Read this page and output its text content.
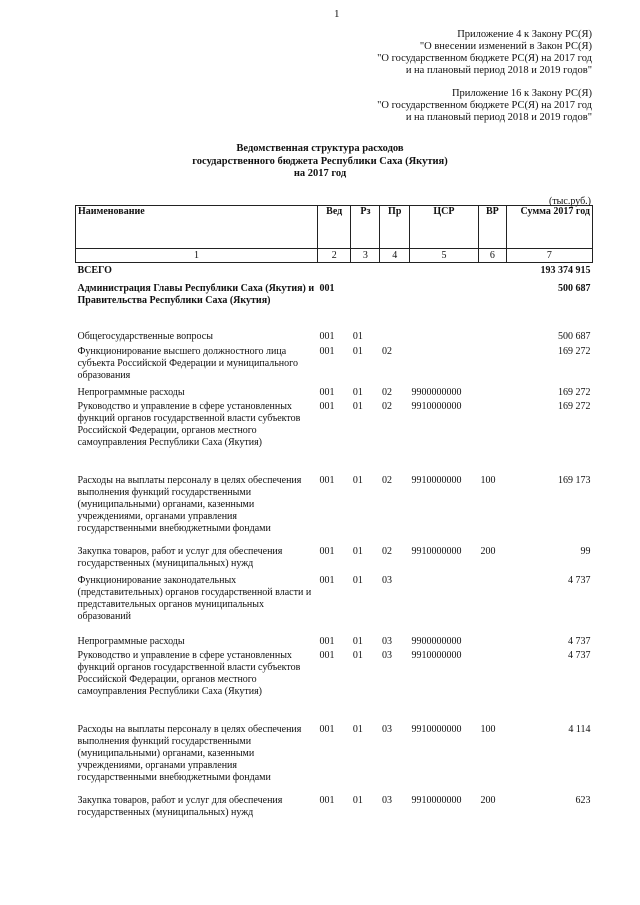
1
Приложение 4 к Закону РС(Я)
"О внесении изменений в Закон РС(Я)
"О государственном бюджете РС(Я) на 2017 год
и на плановый период 2018 и 2019 годов"
Приложение 16 к Закону РС(Я)
"О государственном бюджете РС(Я) на 2017 год
и на плановый период 2018 и 2019 годов"
Ведомственная структура расходов
государственного бюджета Республики Саха (Якутия)
на 2017 год
(тыс.руб.)
Наименование	Вед	Рз	Пр	ЦСР	ВР	Сумма 2017 год
1	2	3	4	5	6	7
ВСЕГО						193 374 915
Администрация Главы Республики Саха (Якутия) и Правительства Республики Саха (Якутия)	001					500 687
Общегосударственные вопросы	001	01				500 687
Функционирование высшего должностного лица субъекта Российской Федерации и муниципального образования	001	01	02			169 272
Непрограммные расходы	001	01	02	9900000000		169 272
Руководство и управление в сфере установленных функций органов государственной власти субъектов Российской Федерации, органов местного самоуправления Республики Саха (Якутия)	001	01	02	9910000000		169 272
Расходы на выплаты персоналу в целях обеспечения выполнения функций государственными (муниципальными) органами, казенными учреждениями, органами управления государственными внебюджетными фондами	001	01	02	9910000000	100	169 173
Закупка товаров, работ и услуг для обеспечения государственных (муниципальных) нужд	001	01	02	9910000000	200	99
Функционирование законодательных (представительных) органов государственной власти и представительных органов муниципальных образований	001	01	03			4 737
Непрограммные расходы	001	01	03	9900000000		4 737
Руководство и управление в сфере установленных функций органов государственной власти субъектов Российской Федерации, органов местного самоуправления Республики Саха (Якутия)	001	01	03	9910000000		4 737
Расходы на выплаты персоналу в целях обеспечения выполнения функций государственными (муниципальными) органами, казенными учреждениями, органами управления государственными внебюджетными фондами	001	01	03	9910000000	100	4 114
Закупка товаров, работ и услуг для обеспечения государственных (муниципальных) нужд	001	01	03	9910000000	200	623
